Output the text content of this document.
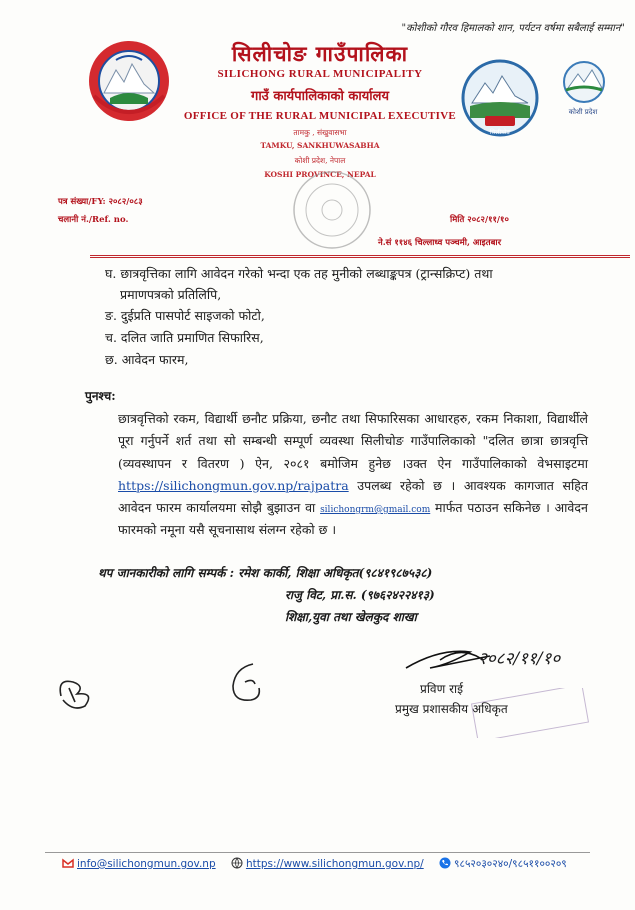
"कोशीको गौरव हिमालको शान, पर्यटन वर्षमा सबैलाई सम्मान"
सिलीचोङ गाउँपालिका
SILICHONG RURAL MUNICIPALITY
गाउँ कार्यपालिकाको कार्यालय
OFFICE OF THE RURAL MUNICIPAL EXECUTIVE
तामकु , संखुवासभा
TAMKU, SANKHUWASABHA
कोशी प्रदेश, नेपाल
KOSHI PROVINCE, NEPAL
सिलीचोङ
कोशी प्रदेश
पत्र संख्या/FY: २०८२/०८३
चलानी नं./Ref. no.	मिति २०८२/११/१०
ने.सं ११४६ चिल्लाध्व पञ्चमी, आइतबार
घ. छात्रवृत्तिका लागि आवेदन गरेको भन्दा एक तह मुनीको लब्धाङ्कपत्र (ट्रान्सक्रिप्ट) तथा
प्रमाणपत्रको प्रतिलिपि,
ङ. दुईप्रति पासपोर्ट साइजको फोटो,
च. दलित जाति प्रमाणित सिफारिस,
छ. आवेदन फारम,
पुनश्च:
छात्रवृत्तिको रकम, विद्यार्थी छनौट प्रक्रिया, छनौट तथा सिफारिसका आधारहरु, रकम निकाशा, विद्यार्थीले पूरा गर्नुपर्ने शर्त तथा सो सम्बन्धी सम्पूर्ण व्यवस्था सिलीचोङ गाउँपालिकाको "दलित छात्रा छात्रवृत्ति (व्यवस्थापन र वितरण ) ऐन, २०८१ बमोजिम हुनेछ ।उक्त ऐन गाउँपालिकाको वेभसाइटमा https://silichongmun.gov.np/rajpatra उपलब्ध रहेको छ । आवश्यक कागजात सहित आवेदन फारम कार्यालयमा सोझै बुझाउन वा silichongrm@gmail.com मार्फत पठाउन सकिनेछ । आवेदन फारमको नमूना यसै सूचनासाथ संलग्न रहेको छ ।
थप जानकारीको लागि सम्पर्क : रमेश कार्की, शिक्षा अधिकृत(९८४१९८७५३८)
राजु विट, प्रा.स. (९७६२४२२४१३)
शिक्षा,युवा तथा खेलकुद शाखा
२०८२/११/१०
प्रविण राई
प्रमुख प्रशासकीय अधिकृत
info@silichongmun.gov.np	https://www.silichongmun.gov.np/	९८५२०३०२४०/९८५११००२०९
